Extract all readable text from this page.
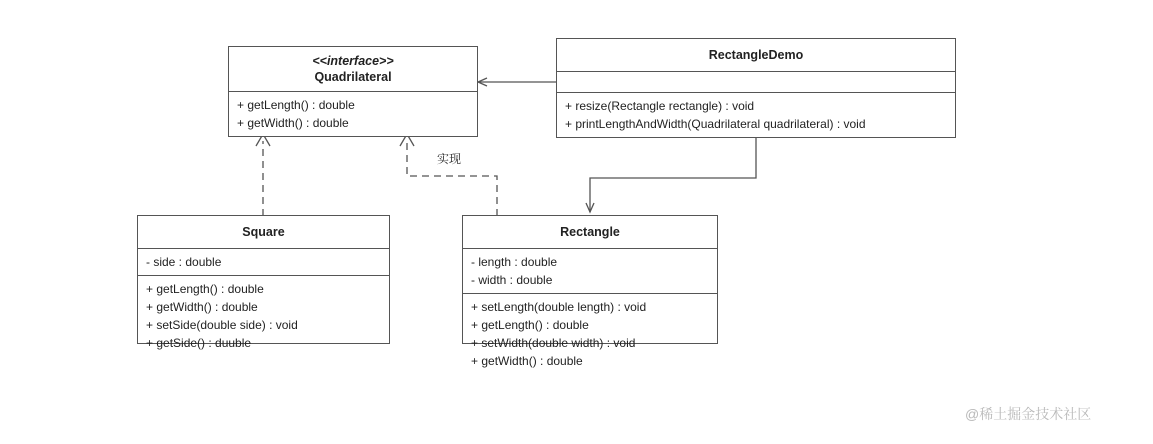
<<interface>>
Quadrilateral
+ getLength() : double
+ getWidth() : double
RectangleDemo
+ resize(Rectangle rectangle) : void
+ printLengthAndWidth(Quadrilateral quadrilateral) : void
Square
- side : double
+ getLength() : double
+ getWidth() : double
+ setSide(double side) : void
+ getSide() : duuble
Rectangle
- length : double
- width : double
+ setLength(double length) : void
+ getLength() : double
+ setWidth(double width) : void
+ getWidth() : double
实现
@稀土掘金技术社区
